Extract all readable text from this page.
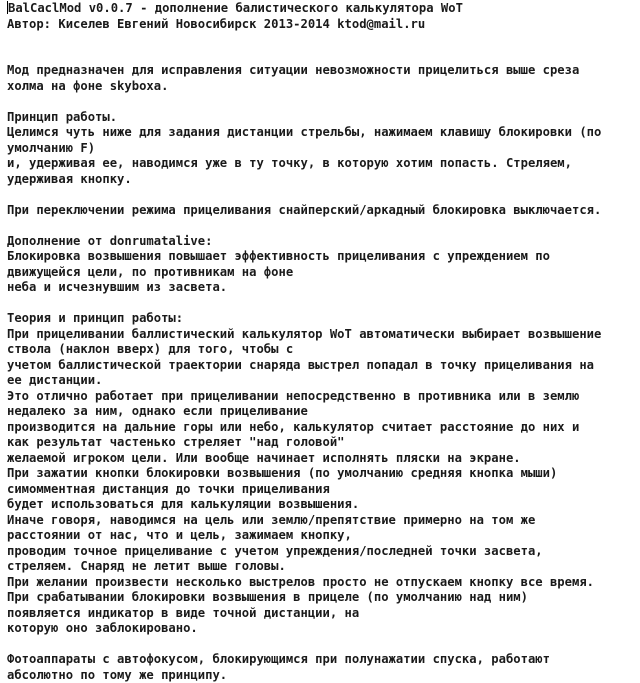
BalCaclMod v0.0.7 - дополнение балистического калькулятора WoT
Автор: Киселев Евгений Новосибирск 2013-2014 ktod@mail.ru
Мод предназначен для исправления ситуации невозможности прицелиться выше среза
холма на фоне skyboxa.
Принцип работы.
Целимся чуть ниже для задания дистанции стрельбы, нажимаем клавишу блокировки (по
умолчанию F)
и, удерживая ее, наводимся уже в ту точку, в которую хотим попасть. Стреляем,
удерживая кнопку.
При переключении режима прицеливания снайперский/аркадный блокировка выключается.
Дополнение от donrumatalive:
Блокировка возвышения повышает эффективность прицеливания с упреждением по
движущейся цели, по противникам на фоне
неба и исчезнувшим из засвета.
Теория и принцип работы:
При прицеливании баллистический калькулятор WoT автоматически выбирает возвышение
ствола (наклон вверх) для того, чтобы с
учетом баллистической траектории снаряда выстрел попадал в точку прицеливания на
ее дистанции.
Это отлично работает при прицеливании непосредственно в противника или в землю
недалеко за ним, однако если прицеливание
производится на дальние горы или небо, калькулятор считает расстояние до них и
как результат частенько стреляет "над головой"
желаемой игроком цели. Или вообще начинает исполнять пляски на экране.
При зажатии кнопки блокировки возвышения (по умолчанию средняя кнопка мыши)
симомментная дистанция до точки прицеливания
будет использоваться для калькуляции возвышения.
Иначе говоря, наводимся на цель или землю/препятствие примерно на том же
расстоянии от нас, что и цель, зажимаем кнопку,
проводим точное прицеливание с учетом упреждения/последней точки засвета,
стреляем. Снаряд не летит выше головы.
При желании произвести несколько выстрелов просто не отпускаем кнопку все время.
При срабатывании блокировки возвышения в прицеле (по умолчанию над ним)
появляется индикатор в виде точной дистанции, на
которую оно заблокировано.
Фотоаппараты с автофокусом, блокирующимся при полунажатии спуска, работают
абсолютно по тому же принципу.
